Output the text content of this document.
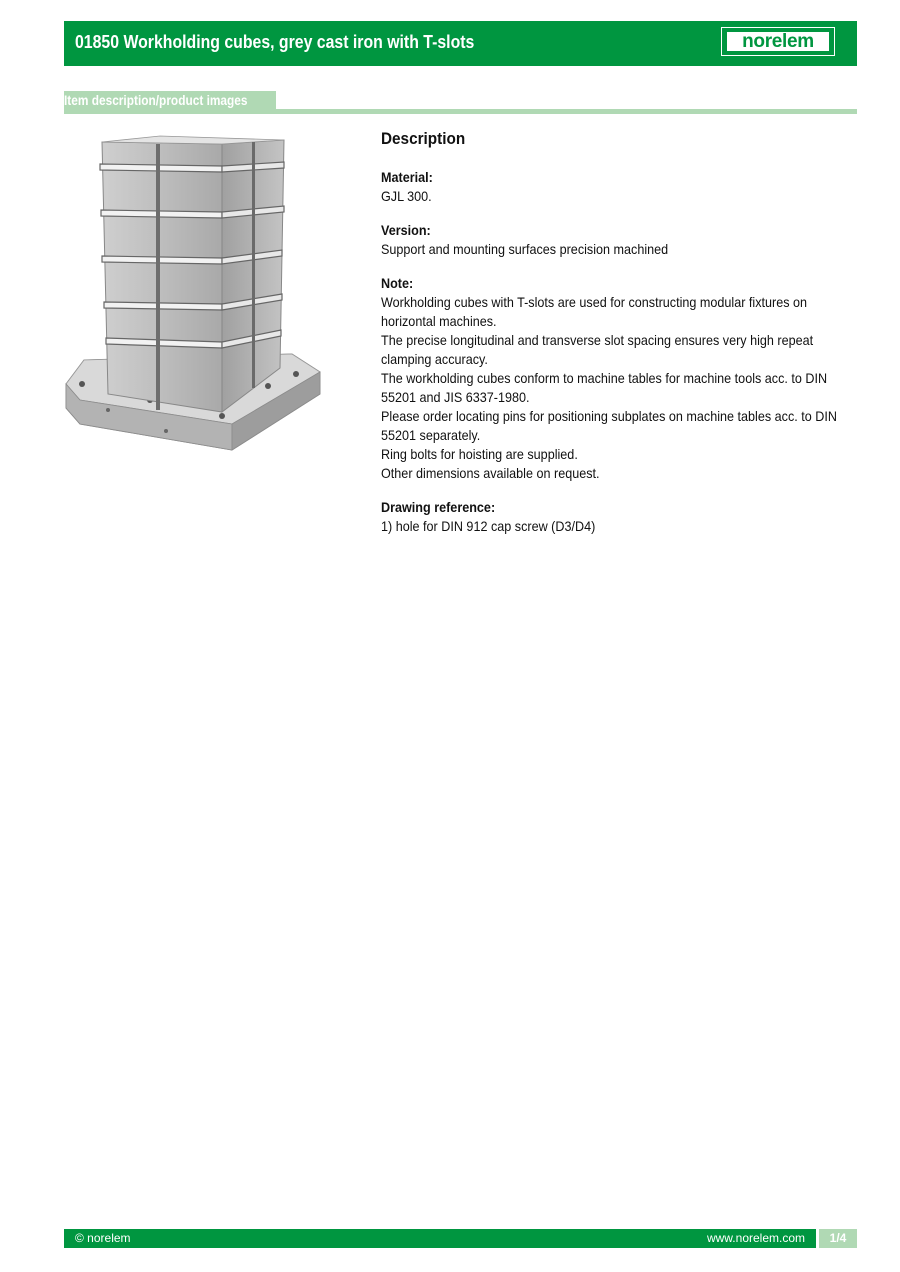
01850 Workholding cubes, grey cast iron with T-slots	norelem
Item description/product images
Description
Material:
GJL 300.
Version:
Support and mounting surfaces precision machined
Note:

Workholding cubes with T-slots are used for constructing modular fixtures on horizontal machines.

The precise longitudinal and transverse slot spacing ensures very high repeat clamping accuracy.

The workholding cubes conform to machine tables for machine tools acc. to DIN 55201 and JIS 6337-1980.

Please order locating pins for positioning subplates on machine tables acc. to DIN 55201 separately.

Ring bolts for hoisting are supplied.

Other dimensions available on request.

Drawing reference:
1) hole for DIN 912 cap screw (D3/D4)
© norelem	www.norelem.com	1/4
